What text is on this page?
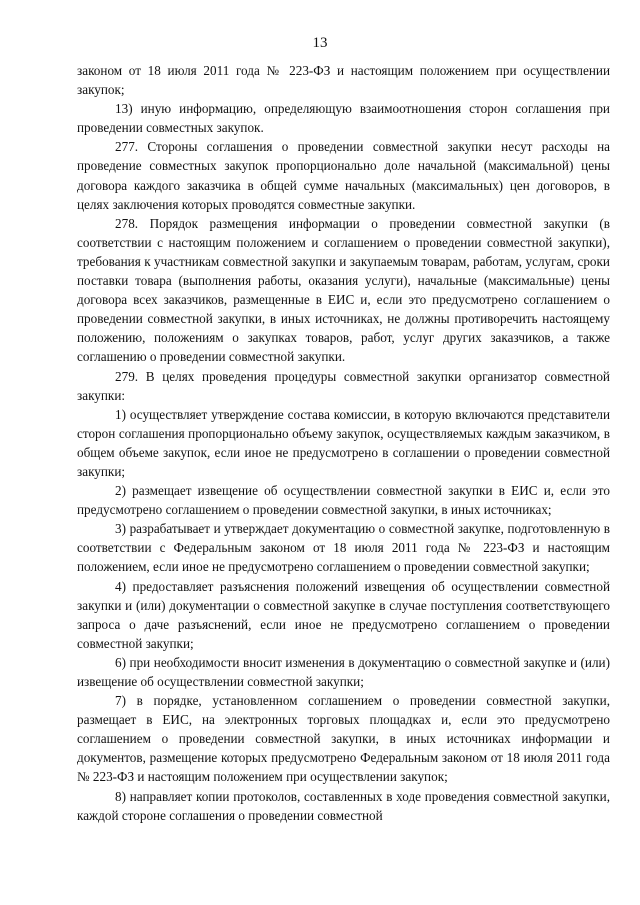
13

законом от 18 июля 2011 года № 223-ФЗ и настоящим положением при осуществлении закупок;

13) иную информацию, определяющую взаимоотношения сторон соглашения при проведении совместных закупок.

277. Стороны соглашения о проведении совместной закупки несут расходы на проведение совместных закупок пропорционально доле начальной (максимальной) цены договора каждого заказчика в общей сумме начальных (максимальных) цен договоров, в целях заключения которых проводятся совместные закупки.

278. Порядок размещения информации о проведении совместной закупки (в соответствии с настоящим положением и соглашением о проведении совместной закупки), требования к участникам совместной закупки и закупаемым товарам, работам, услугам, сроки поставки товара (выполнения работы, оказания услуги), начальные (максимальные) цены договора всех заказчиков, размещенные в ЕИС и, если это предусмотрено соглашением о проведении совместной закупки, в иных источниках, не должны противоречить настоящему положению, положениям о закупках товаров, работ, услуг других заказчиков, а также соглашению о проведении совместной закупки.

279. В целях проведения процедуры совместной закупки организатор совместной закупки:

1) осуществляет утверждение состава комиссии, в которую включаются представители сторон соглашения пропорционально объему закупок, осуществляемых каждым заказчиком, в общем объеме закупок, если иное не предусмотрено в соглашении о проведении совместной закупки;

2) размещает извещение об осуществлении совместной закупки в ЕИС и, если это предусмотрено соглашением о проведении совместной закупки, в иных источниках;

3) разрабатывает и утверждает документацию о совместной закупке, подготовленную в соответствии с Федеральным законом от 18 июля 2011 года № 223-ФЗ и настоящим положением, если иное не предусмотрено соглашением о проведении совместной закупки;

4) предоставляет разъяснения положений извещения об осуществлении совместной закупки и (или) документации о совместной закупке в случае поступления соответствующего запроса о даче разъяснений, если иное не предусмотрено соглашением о проведении совместной закупки;

6) при необходимости вносит изменения в документацию о совместной закупке и (или) извещение об осуществлении совместной закупки;

7) в порядке, установленном соглашением о проведении совместной закупки, размещает в ЕИС, на электронных торговых площадках и, если это предусмотрено соглашением о проведении совместной закупки, в иных источниках информации и документов, размещение которых предусмотрено Федеральным законом от 18 июля 2011 года № 223-ФЗ и настоящим положением при осуществлении закупок;

8) направляет копии протоколов, составленных в ходе проведения совместной закупки, каждой стороне соглашения о проведении совместной
